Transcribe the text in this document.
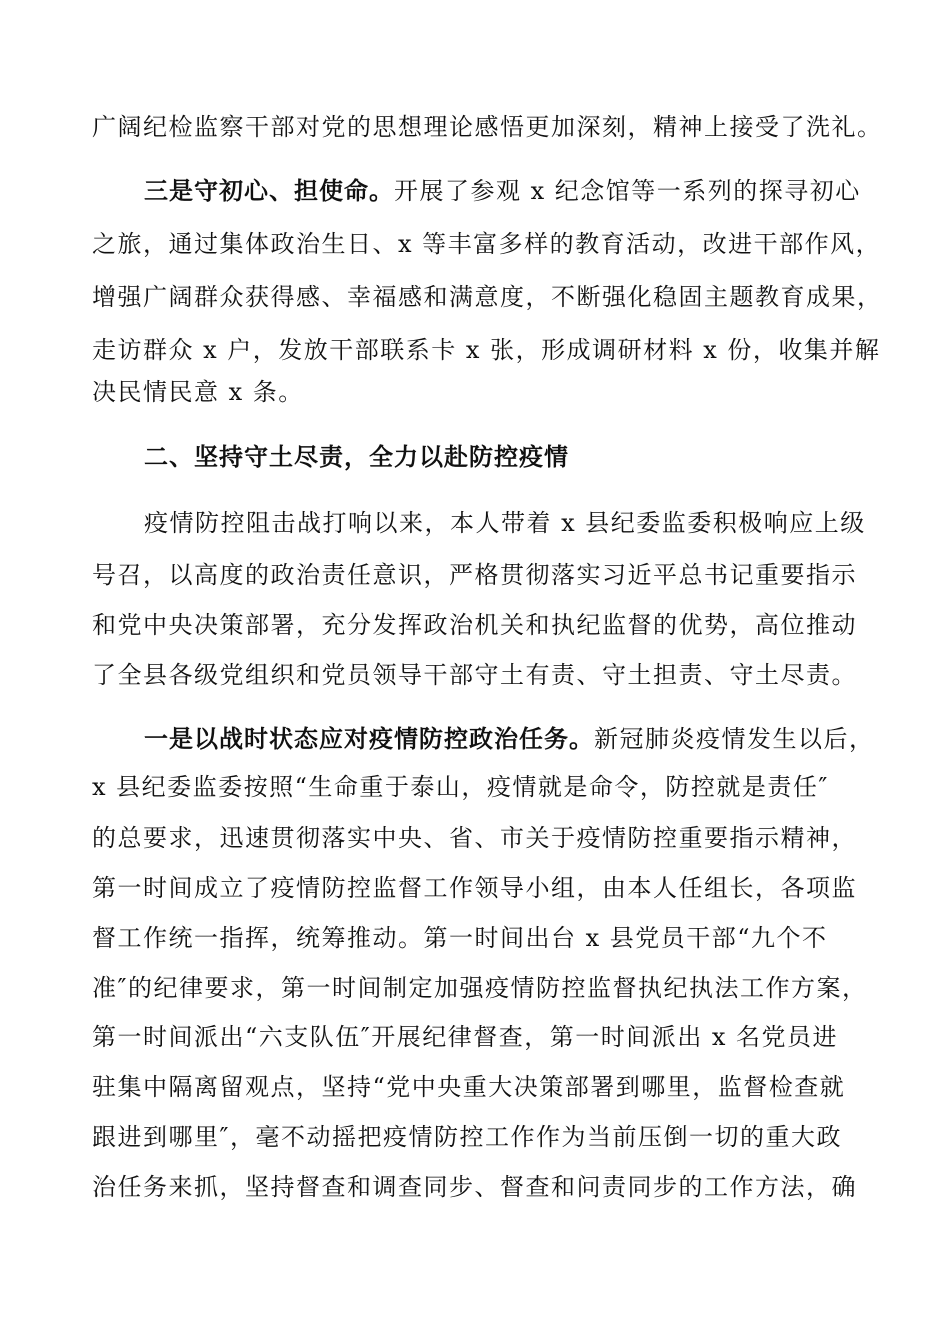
广阔纪检监察干部对党的思想理论感悟更加深刻，精神上接受了洗礼。
三是守初心、担使命。开展了参观 x 纪念馆等一系列的探寻初心
之旅，通过集体政治生日、x 等丰富多样的教育活动，改进干部作风，
增强广阔群众获得感、幸福感和满意度，不断强化稳固主题教育成果，
走访群众 x 户，发放干部联系卡 x 张，形成调研材料 x 份，收集并解
决民情民意 x 条。
二、坚持守土尽责，全力以赴防控疫情
疫情防控阻击战打响以来，本人带着 x 县纪委监委积极响应上级
号召，以高度的政治责任意识，严格贯彻落实习近平总书记重要指示
和党中央决策部署，充分发挥政治机关和执纪监督的优势，高位推动
了全县各级党组织和党员领导干部守土有责、守土担责、守土尽责。
一是以战时状态应对疫情防控政治任务。新冠肺炎疫情发生以后，
x 县纪委监委按照“生命重于泰山，疫情就是命令，防控就是责任″
的总要求，迅速贯彻落实中央、省、市关于疫情防控重要指示精神，
第一时间成立了疫情防控监督工作领导小组，由本人任组长，各项监
督工作统一指挥，统筹推动。第一时间出台 x 县党员干部“九个不
准″的纪律要求，第一时间制定加强疫情防控监督执纪执法工作方案，
第一时间派出“六支队伍″开展纪律督查，第一时间派出 x 名党员进
驻集中隔离留观点，坚持“党中央重大决策部署到哪里，监督检查就
跟进到哪里″，毫不动摇把疫情防控工作作为当前压倒一切的重大政
治任务来抓，坚持督查和调查同步、督查和问责同步的工作方法，确
